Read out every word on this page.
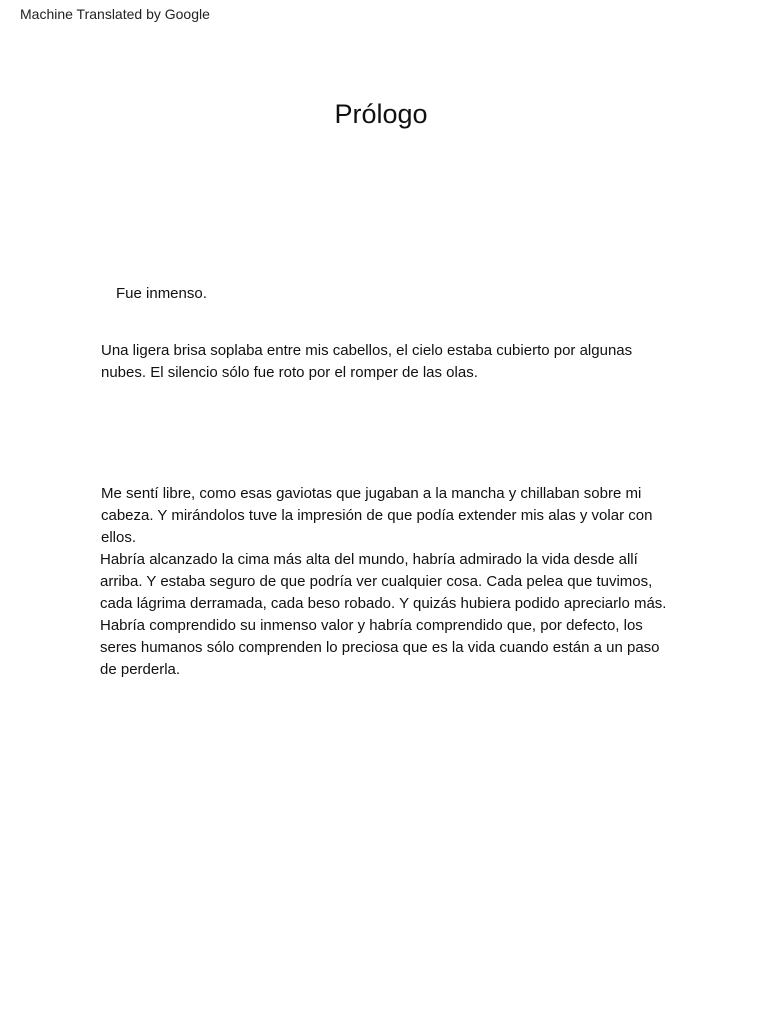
Machine Translated by Google
Prólogo
Fue inmenso.
Una ligera brisa soplaba entre mis cabellos, el cielo estaba cubierto por algunas
nubes. El silencio sólo fue roto por el romper de las olas.
Me sentí libre, como esas gaviotas que jugaban a la mancha y chillaban sobre mi
cabeza. Y mirándolos tuve la impresión de que podía extender mis alas y volar con
ellos.
Habría alcanzado la cima más alta del mundo, habría admirado la vida desde allí
arriba. Y estaba seguro de que podría ver cualquier cosa. Cada pelea que tuvimos,
cada lágrima derramada, cada beso robado. Y quizás hubiera podido apreciarlo más.
Habría comprendido su inmenso valor y habría comprendido que, por defecto, los
seres humanos sólo comprenden lo preciosa que es la vida cuando están a un paso
de perderla.
